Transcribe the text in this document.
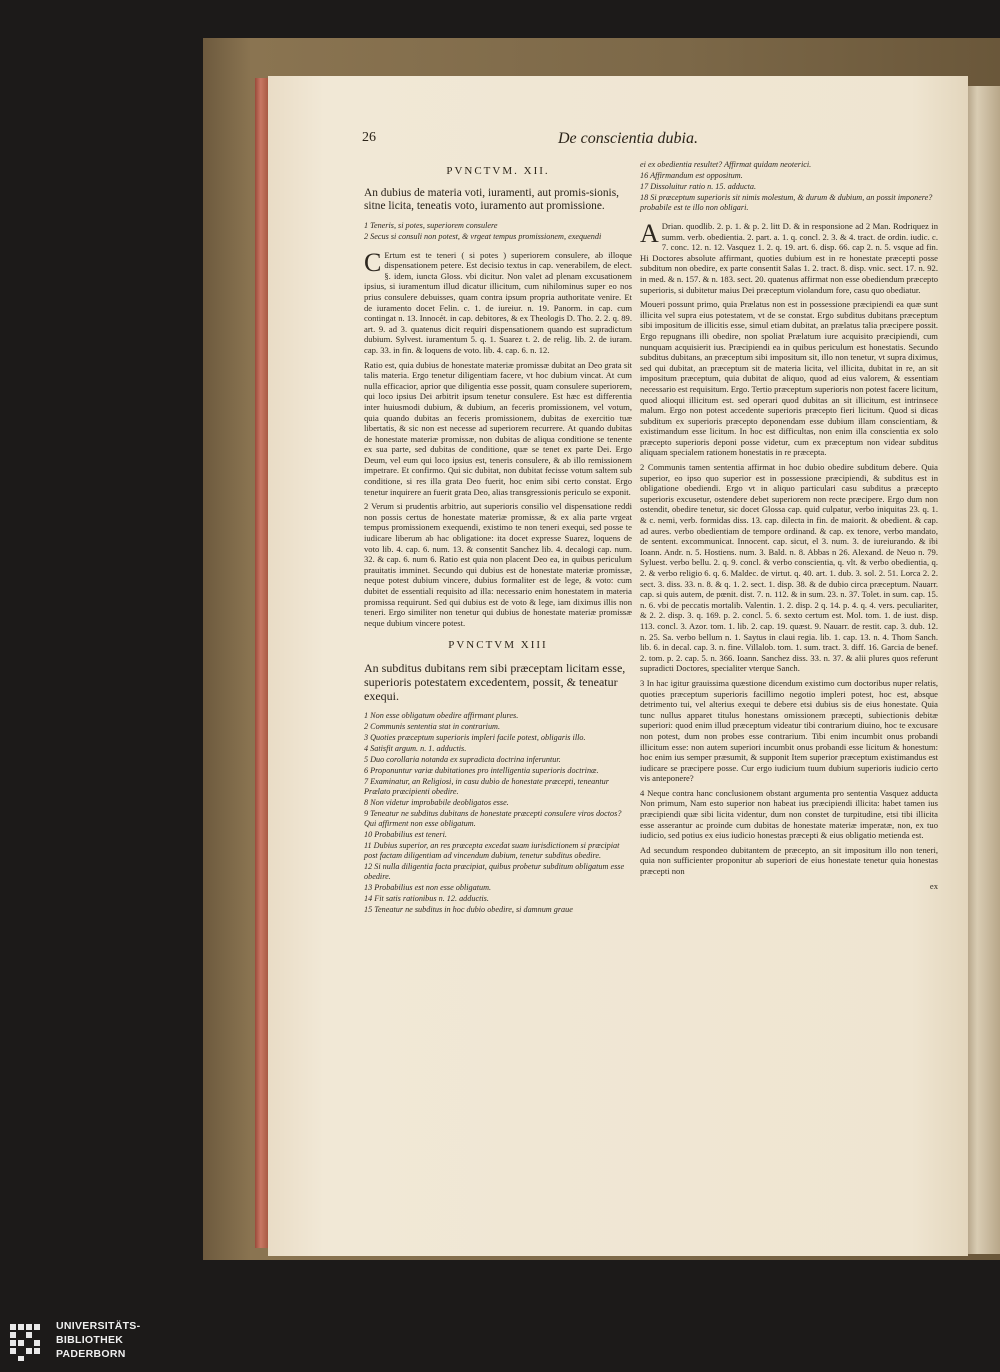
26	De conscientia dubia.
PVNCTVM. XII.
An dubius de materia voti, iuramenti, aut promis-sionis, sitne licita, teneatis voto, iuramento aut promissione.
1 Teneris, si potes, superiorem consulere
2 Secus si consuli non potest, & vrgeat tempus promissionem, exequendi

C Ertum est te teneri ( si potes ) superiorem consulere, ab illoque dispensationem petere. Est decisio textus in cap. venerabilem, de elect. §. idem, iuncta Gloss. vbi dicitur. Non valet ad plenam excusationem ipsius, si iuramentum illud dicatur illicitum, cum nihilominus super eo nos prius consulere debuisses, quam contra ipsum propria authoritate venire. Et de iuramento docet Felin. c. 1. de iureiur. n. 19. Panorm. in cap. cum contingat n. 13. Innocét. in cap. debitores, & ex Theologis D. Tho. 2. 2. q. 89. art. 9. ad 3. quatenus dicit requiri dispensationem quando est supradictum dubium. Sylvest. iuramentum 5. q. 1. Suarez t. 2. de relig. lib. 2. de iuram. cap. 33. in fin. & loquens de voto. lib. 4. cap. 6. n. 12.

Ratio est, quia dubius de honestate materiæ promissæ dubitat an Deo grata sit talis materia. Ergo tenetur diligentiam facere, vt hoc dubium vincat. At cum nulla efficacior, aprior que diligentia esse possit, quam consulere superiorem, qui loco ipsius Dei arbitrit ipsum tenetur consulere. Est hæc est differentia inter huiusmodi dubium, & dubium, an feceris promissionem, vel votum, quia quando dubitas an feceris promissionem, dubitas de exercitio tuæ libertatis, & sic non est necesse ad superiorem recurrere. At quando dubitas de honestate materiæ promissæ, non dubitas de aliqua conditione se tenente ex sua parte, sed dubitas de conditione, quæ se tenet ex parte Dei. Ergo Deum, vel eum qui loco ipsius est, teneris consulere, & ab illo remissionem impetrare. Et confirmo. Qui sic dubitat, non dubitat fecisse votum saltem sub conditione, si res illa grata Deo fuerit, hoc enim sibi certo constat. Ergo tenetur inquirere an fuerit grata Deo, alias transgressionis periculo se exponit.

2 Verum si prudentis arbitrio, aut superioris consilio vel dispensatione reddi non possis certus de honestate materiæ promissæ, & ex alia parte vrgeat tempus promissionem exequendi, existimo te non teneri exequi, sed posse te iudicare liberum ab hac obligatione: ita docet expresse Suarez, loquens de voto lib. 4. cap. 6. num. 13. & consentit Sanchez lib. 4. decalogi cap. num. 32. & cap. 6. num 6. Ratio est quia non placent Deo ea, in quibus periculum prauitatis imminet. Secundo qui dubius est de honestate materiæ promissæ, neque potest dubium vincere, dubius formaliter est de lege, & voto: cum dubitet de essentiali requisito ad illa: necessario enim honestatem in materia promissa requirunt. Sed qui dubius est de voto & lege, iam diximus illis non teneri. Ergo similiter non tenetur qui dubius de honestate materiæ promissæ neque dubium vincere potest.

PVNCTVM XIII
An subditus dubitans rem sibi præceptam licitam esse, superioris potestatem excedentem, possit, & teneatur exequi.
1 Non esse obligatum obedire affirmant plures.
2 Communis sententia stat in contrarium.
3 Quoties præceptum superioris impleri facile potest, obligaris illo.
4 Satisfit argum. n. 1. adductis.
5 Duo corollaria notanda ex supradicta doctrina inferuntur.
6 Proponuntur variæ dubitationes pro intelligentia superioris doctrinæ.
7 Examinatur, an Religiosi, in casu dubio de honestate præcepti, teneantur Prælato præcipienti obedire.
8 Non videtur improbabile deobligatos esse.
9 Teneatur ne subditus dubitans de honestate præcepti consulere viros doctos? Qui affirment non esse obligatum.
10 Probabilius est teneri.
11 Dubius superior, an res præcepta excedat suam iurisdictionem si præcipiat post factam diligentiam ad vincendum dubium, tenetur subditus obedire.
12 Si nulla diligentia facta præcipiat, quibus probetur subditum obligatum esse obedire.
13 Probabilius est non esse obligatum.
14 Fit satis rationibus n. 12. adductis.
15 Teneatur ne subditus in hoc dubio obedire, si damnum graue
ei ex obedientia resultet? Affirmat quidam neoterici.
16 Affirmandum est oppositum.
17 Dissoluitur ratio n. 15. adducta.
18 Si præceptum superioris sit nimis molestum, & durum & dubium, an possit imponere? probabile est te illo non obligari.

A Drian. quodlib. 2. p. 1. & p. 2. litt D. & in responsione ad 2 Man. Rodriquez in summ. verb. obedientia. 2. part. a. 1. q. concl. 2. 3. & 4. tract. de ordin. iudic. c. 7. conc. 12. n. 12. Vasquez 1. 2. q. 19. art. 6. disp. 66. cap 2. n. 5. vsque ad fin. Hi Doctores absolute affirmant, quoties dubium est in re honestate præcepti posse subditum non obedire, ex parte consentit Salas 1. 2. tract. 8. disp. vnic. sect. 17. n. 92. in med. & n. 157. & n. 183. sect. 20. quatenus affirmat non esse obediendum præcepto superioris, si dubitetur maius Dei præceptum violandum fore, casu quo obediatur.

Moueri possunt primo, quia Prælatus non est in possessione præcipiendi ea quæ sunt illicita vel supra eius potestatem, vt de se constat. Ergo subditus dubitans præceptum sibi impositum de illicitis esse, simul etiam dubitat, an prælatus talia præcipere possit. Ergo repugnans illi obedire, non spoliat Prælatum iure acquisito præcipiendi, cum nunquam acquisierit ius. Præcipiendi ea in quibus periculum est honestatis. Secundo subditus dubitans, an præceptum sibi impositum sit, illo non tenetur, vt supra diximus, sed qui dubitat, an præceptum sit de materia licita, vel illicita, dubitat in re, an sit impositum præceptum, quia dubitat de aliquo, quod ad eius valorem, & essentiam necessario est requisitum. Ergo. Tertio præceptum superioris non potest facere licitum, quod alioqui illicitum est. sed operari quod dubitas an sit illicitum, est intrinsece malum. Ergo non potest accedente superioris præcepto fieri licitum. Quod si dicas subditum ex superioris præcepto deponendam esse dubium illam conscientiam, & existimandum esse licitum. In hoc est difficultas, non enim illa conscientia ex solo præcepto superioris deponi posse videtur, cum ex præceptum non videar subditus aliquam specialem rationem honestatis in re præcepta.

2 Communis tamen sententia affirmat in hoc dubio obedire subditum debere. Quia superior, eo ipso quo superior est in possessione præcipiendi, & subditus est in obligatione obediendi. Ergo vt in aliquo particulari casu subditus a præcepto superioris excusetur, ostendere debet superiorem non recte præcipere. Ergo dum non ostendit, obedire tenetur, sic docet Glossa cap. quid culpatur, verbo iniquitas 23. q. 1. & c. nemi, verb. formidas diss. 13. cap. dilecta in fin. de maiorit. & obedient. & cap. ad aures. verbo obedientiam de tempore ordinand. & cap. ex tenore, verbo mandato, de sentent. excommunicat. Innocent. cap. sicut, el 3. num. 3. de iureiurando. & ibi Ioann. Andr. n. 5. Hostiens. num. 3. Bald. n. 8. Abbas n 26. Alexand. de Neuo n. 79. Syluest. verbo bellu. 2. q. 9. concl. & verbo conscientia, q. vlt. & verbo obedientia, q. 2. & verbo religio 6. q. 6. Maldec. de virtut. q. 40. art. 1. dub. 3. sol. 2. 51. Lorca 2. 2. sect. 3. diss. 33. n. 8. & q. 1. 2. sect. 1. disp. 38. & de dubio circa præceptum. Nauarr. cap. si quis autem, de pœnit. dist. 7. n. 112. & in sum. 23. n. 37. Tolet. in sum. cap. 15. n. 6. vbi de peccatis mortalib. Valentin. 1. 2. disp. 2 q. 14. p. 4. q. 4. vers. peculiariter, & 2. 2. disp. 3. q. 169. p. 2. concl. 5. 6. sexto certum est. Mol. tom. 1. de iust. disp. 113. concl. 3. Azor. tom. 1. lib. 2. cap. 19. quæst. 9. Nauarr. de restit. cap. 3. dub. 12. n. 25. Sa. verbo bellum n. 1. Saytus in claui regia. lib. 1. cap. 13. n. 4. Thom Sanch. lib. 6. in decal. cap. 3. n. fine. Villalob. tom. 1. sum. tract. 3. diff. 16. Garcia de benef. 2. tom. p. 2. cap. 5. n. 366. Ioann. Sanchez diss. 33. n. 37. & alii plures quos referunt supradicti Doctores, specialiter vterque Sanch.

3 In hac igitur grauissima quæstione dicendum existimo cum doctoribus nuper relatis, quoties præceptum superioris facillimo negotio impleri potest, hoc est, absque detrimento tui, vel alterius exequi te debere etsi dubius sis de eius honestate. Quia tunc nullus apparet titulus honestans omissionem præcepti, subiectionis debitæ superiori: quod enim illud præceptum videatur tibi contrarium diuino, hoc te excusare non potest, dum non probes esse contrarium. Tibi enim incumbit onus probandi illicitum esse: non autem superiori incumbit onus probandi esse licitum & honestum: hoc enim ius semper præsumit, & supponit Item superior præceptum existimandus est iudicare se præcipere posse. Cur ergo iudicium tuum dubium superioris iudicio certo vis anteponere?

4 Neque contra hanc conclusionem obstant argumenta pro sententia Vasquez adducta Non primum, Nam esto superior non habeat ius præcipiendi illicita: habet tamen ius præcipiendi quæ sibi licita videntur, dum non constet de turpitudine, etsi tibi illicita esse asserantur ac proinde cum dubitas de honestate materiæ imperatæ, non, ex tuo iudicio, sed potius ex eius iudicio honestas præcepti & eius obligatio metienda est.

Ad secundum respondeo dubitantem de præcepto, an sit impositum illo non teneri, quia non sufficienter proponitur ab superiori de eius honestate tenetur quia honestas præcepti non

ex
UNIVERSITÄTS-
BIBLIOTHEK
PADERBORN
